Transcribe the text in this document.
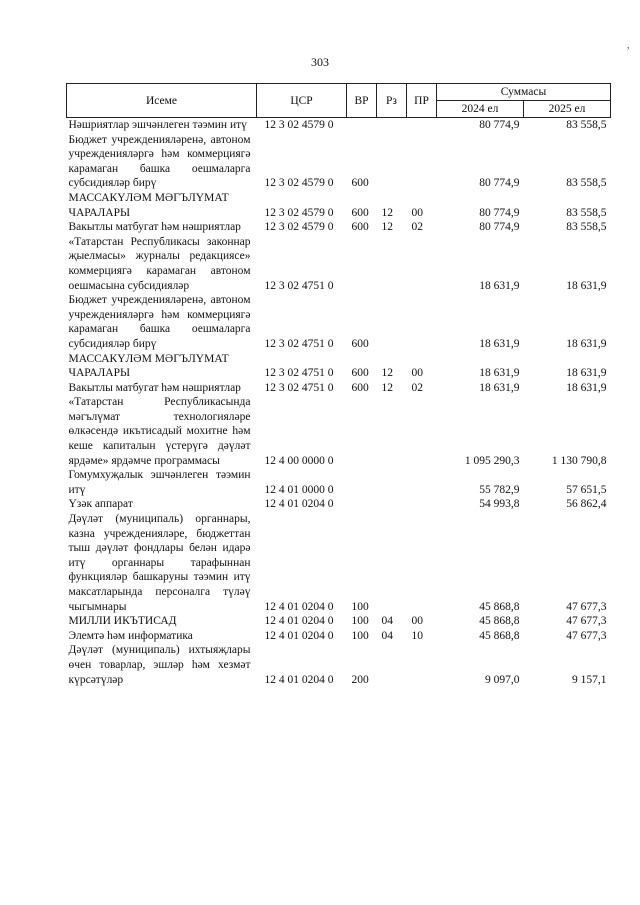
303
,
Исеме	ЦСР	ВР	Рз	ПР	Суммасы	
					2024 ел	2025 ел
Нәшриятлар эшчәнлеген тәэмин итү	12 3 02 4579 0				80 774,9	83 558,5
Бюджет учрежденияләренә, автоном учрежденияләргә һәм коммерциягә карамаган башка оешмаларга субсидияләр бирү	12 3 02 4579 0	600			80 774,9	83 558,5
МАССАКҮЛӘМ МӘГЪЛҮМАТ ЧАРАЛАРЫ	12 3 02 4579 0	600	12	00	80 774,9	83 558,5
Вакытлы матбугат һәм нәшриятлар	12 3 02 4579 0	600	12	02	80 774,9	83 558,5
«Татарстан Республикасы законнар җыелмасы» журналы редакциясе» коммерциягә карамаган автоном оешмасына субсидияләр	12 3 02 4751 0				18 631,9	18 631,9
Бюджет учрежденияләренә, автоном учрежденияләргә һәм коммерциягә карамаган башка оешмаларга субсидияләр бирү	12 3 02 4751 0	600			18 631,9	18 631,9
МАССАКҮЛӘМ МӘГЪЛҮМАТ ЧАРАЛАРЫ	12 3 02 4751 0	600	12	00	18 631,9	18 631,9
Вакытлы матбугат һәм нәшриятлар	12 3 02 4751 0	600	12	02	18 631,9	18 631,9
«Татарстан Республикасында мәгълүмат технологияләре өлкәсендә икътисадый мохитне һәм кеше капиталын үстерүгә дәүләт ярдәме» ярдәмче программасы	12 4 00 0000 0				1 095 290,3	1 130 790,8
Гомумхуҗалык эшчәнлеген тәэмин итү	12 4 01 0000 0				55 782,9	57 651,5
Үзәк аппарат	12 4 01 0204 0				54 993,8	56 862,4
Дәүләт (муниципаль) органнары, казна учрежденияләре, бюджеттан тыш дәүләт фондлары белән идарә итү органнары тарафыннан функцияләр башкаруны тәэмин итү максатларында персоналга түләү чыгымнары	12 4 01 0204 0	100			45 868,8	47 677,3
МИЛЛИ ИКЪТИСАД	12 4 01 0204 0	100	04	00	45 868,8	47 677,3
Элемтә һәм информатика	12 4 01 0204 0	100	04	10	45 868,8	47 677,3
Дәүләт (муниципаль) ихтыяҗлары өчен товарлар, эшләр һәм хезмәт күрсәтүләр	12 4 01 0204 0	200			9 097,0	9 157,1
